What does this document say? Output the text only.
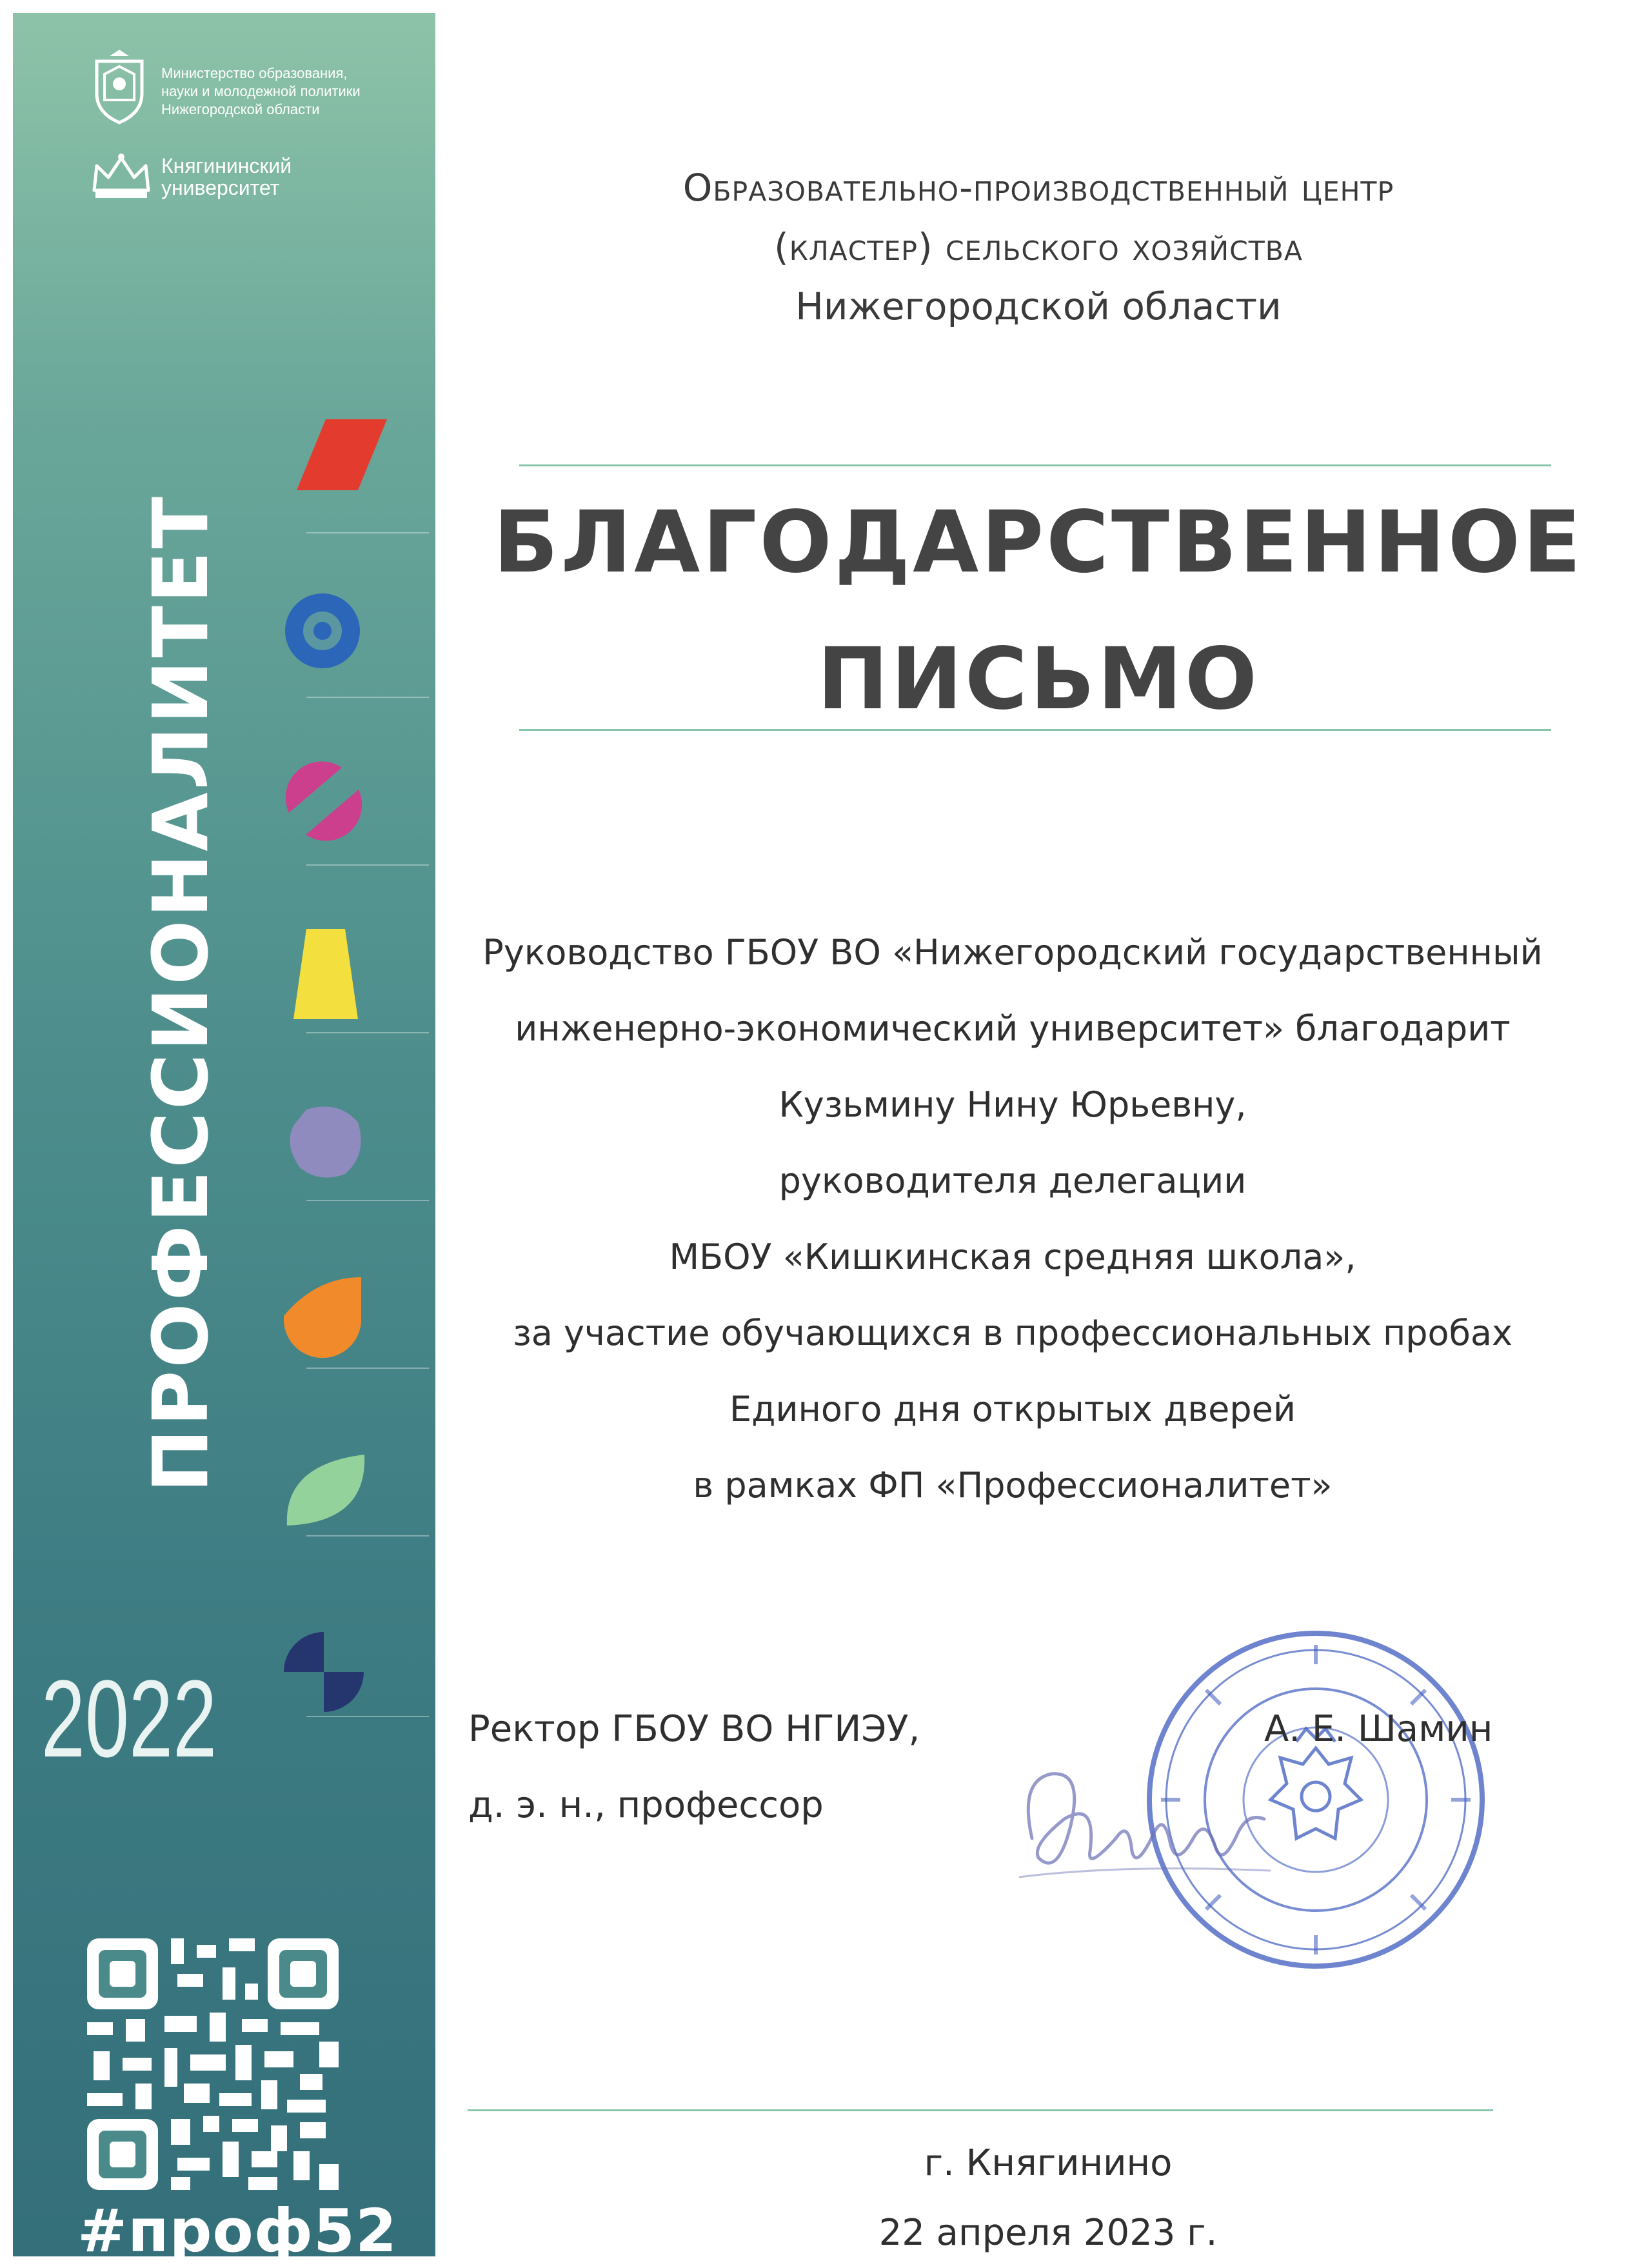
Министерство образования,
науки и молодежной политики
Нижегородской области
Княгининский
университет
ПРОФЕССИОНАЛИТЕТ
2022
#проф52
Образовательно-производственный центр
(кластер) сельского хозяйства
Нижегородской области
БЛАГОДАРСТВЕННОЕ
ПИСЬМО
Руководство ГБОУ ВО «Нижегородский государственный
инженерно-экономический университет» благодарит
Кузьмину Нину Юрьевну,
руководителя делегации
МБОУ «Кишкинская средняя школа»,
за участие обучающихся в профессиональных пробах
Единого дня открытых дверей
в рамках ФП «Профессионалитет»
Ректор ГБОУ ВО НГИЭУ,
д. э. н., профессор
А. Е. Шамин
г. Княгинино
22 апреля 2023 г.
